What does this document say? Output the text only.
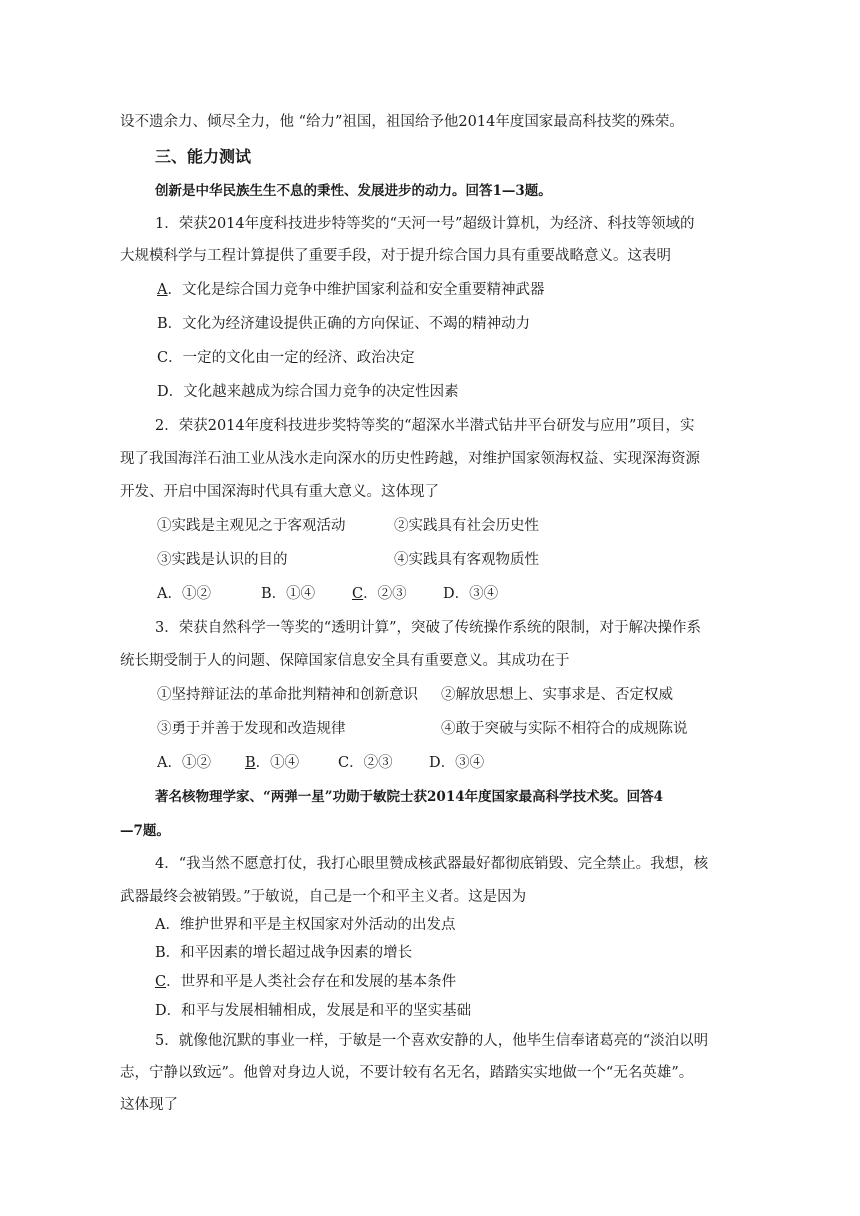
设不遗余力、倾尽全力，他 “给力”祖国，祖国给予他2014年度国家最高科技奖的殊荣。
三、能力测试
创新是中华民族生生不息的秉性、发展进步的动力。回答1—3题。
1．荣获2014年度科技进步特等奖的“天河一号”超级计算机，为经济、科技等领域的
大规模科学与工程计算提供了重要手段，对于提升综合国力具有重要战略意义。这表明
A．文化是综合国力竞争中维护国家利益和安全重要精神武器
B．文化为经济建设提供正确的方向保证、不竭的精神动力
C．一定的文化由一定的经济、政治决定
D．文化越来越成为综合国力竞争的决定性因素
2．荣获2014年度科技进步奖特等奖的“超深水半潜式钻井平台研发与应用”项目，实
现了我国海洋石油工业从浅水走向深水的历史性跨越，对维护国家领海权益、实现深海资源
开发、开启中国深海时代具有重大意义。这体现了
①实践是主观见之于客观活动	②实践具有社会历史性
③实践是认识的目的	④实践具有客观物质性
A．①②	B．①④	C．②③	D．③④
3．荣获自然科学一等奖的“透明计算”，突破了传统操作系统的限制，对于解决操作系
统长期受制于人的问题、保障国家信息安全具有重要意义。其成功在于
①坚持辩证法的革命批判精神和创新意识 ②解放思想上、实事求是、否定权威
③勇于并善于发现和改造规律	④敢于突破与实际不相符合的成规陈说
A．①② B．①④	C．②③	D．③④
著名核物理学家、“两弹一星”功勋于敏院士获2014年度国家最高科学技术奖。回答4
—7题。
4．“我当然不愿意打仗，我打心眼里赞成核武器最好都彻底销毁、完全禁止。我想，核
武器最终会被销毁。”于敏说，自己是一个和平主义者。这是因为
A．维护世界和平是主权国家对外活动的出发点
B．和平因素的增长超过战争因素的增长
C．世界和平是人类社会存在和发展的基本条件
D．和平与发展相辅相成，发展是和平的坚实基础
5．就像他沉默的事业一样，于敏是一个喜欢安静的人，他毕生信奉诸葛亮的“淡泊以明
志，宁静以致远”。他曾对身边人说，不要计较有名无名，踏踏实实地做一个“无名英雄”。
这体现了
